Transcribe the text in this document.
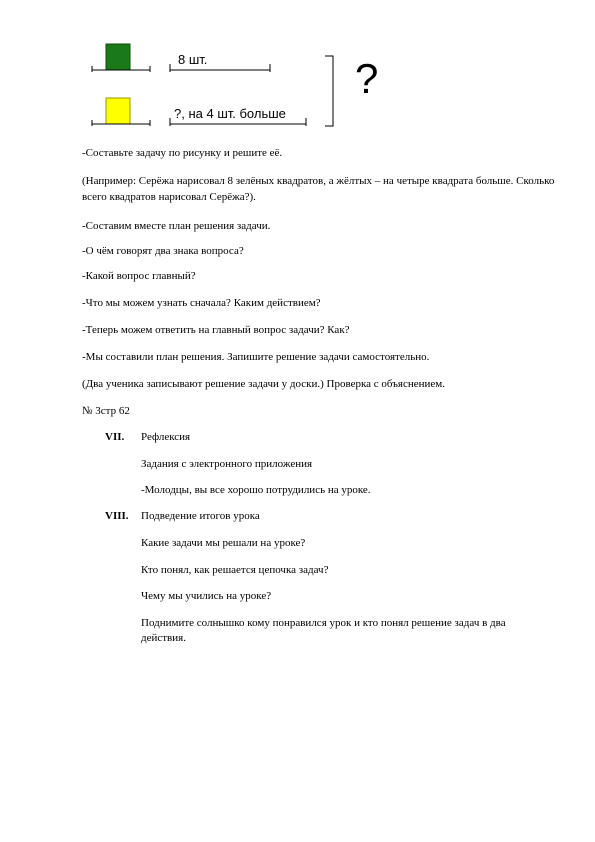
8 шт.
?, на 4 шт. больше
?

-Составьте задачу по рисунку и решите её.

(Например: Серёжа нарисовал 8 зелёных квадратов, а жёлтых – на четыре квадрата больше. Сколько всего квадратов нарисовал Серёжа?).

-Составим вместе план решения задачи.

-О чём говорят два знака вопроса?

-Какой вопрос главный?

-Что мы можем узнать сначала? Каким действием?

-Теперь можем ответить на главный вопрос задачи? Как?

-Мы составили план решения. Запишите решение задачи самостоятельно.

(Два ученика записывают решение задачи у доски.) Проверка с объяснением.

№ 3стр 62

VII. Рефлексия

Задания с электронного приложения

-Молодцы, вы все хорошо потрудились на уроке.

VIII. Подведение итогов урока

Какие задачи мы решали на уроке?

Кто понял, как решается цепочка задач?

Чему мы учились на уроке?

Поднимите солнышко кому понравился урок и кто понял решение задач в два действия.
